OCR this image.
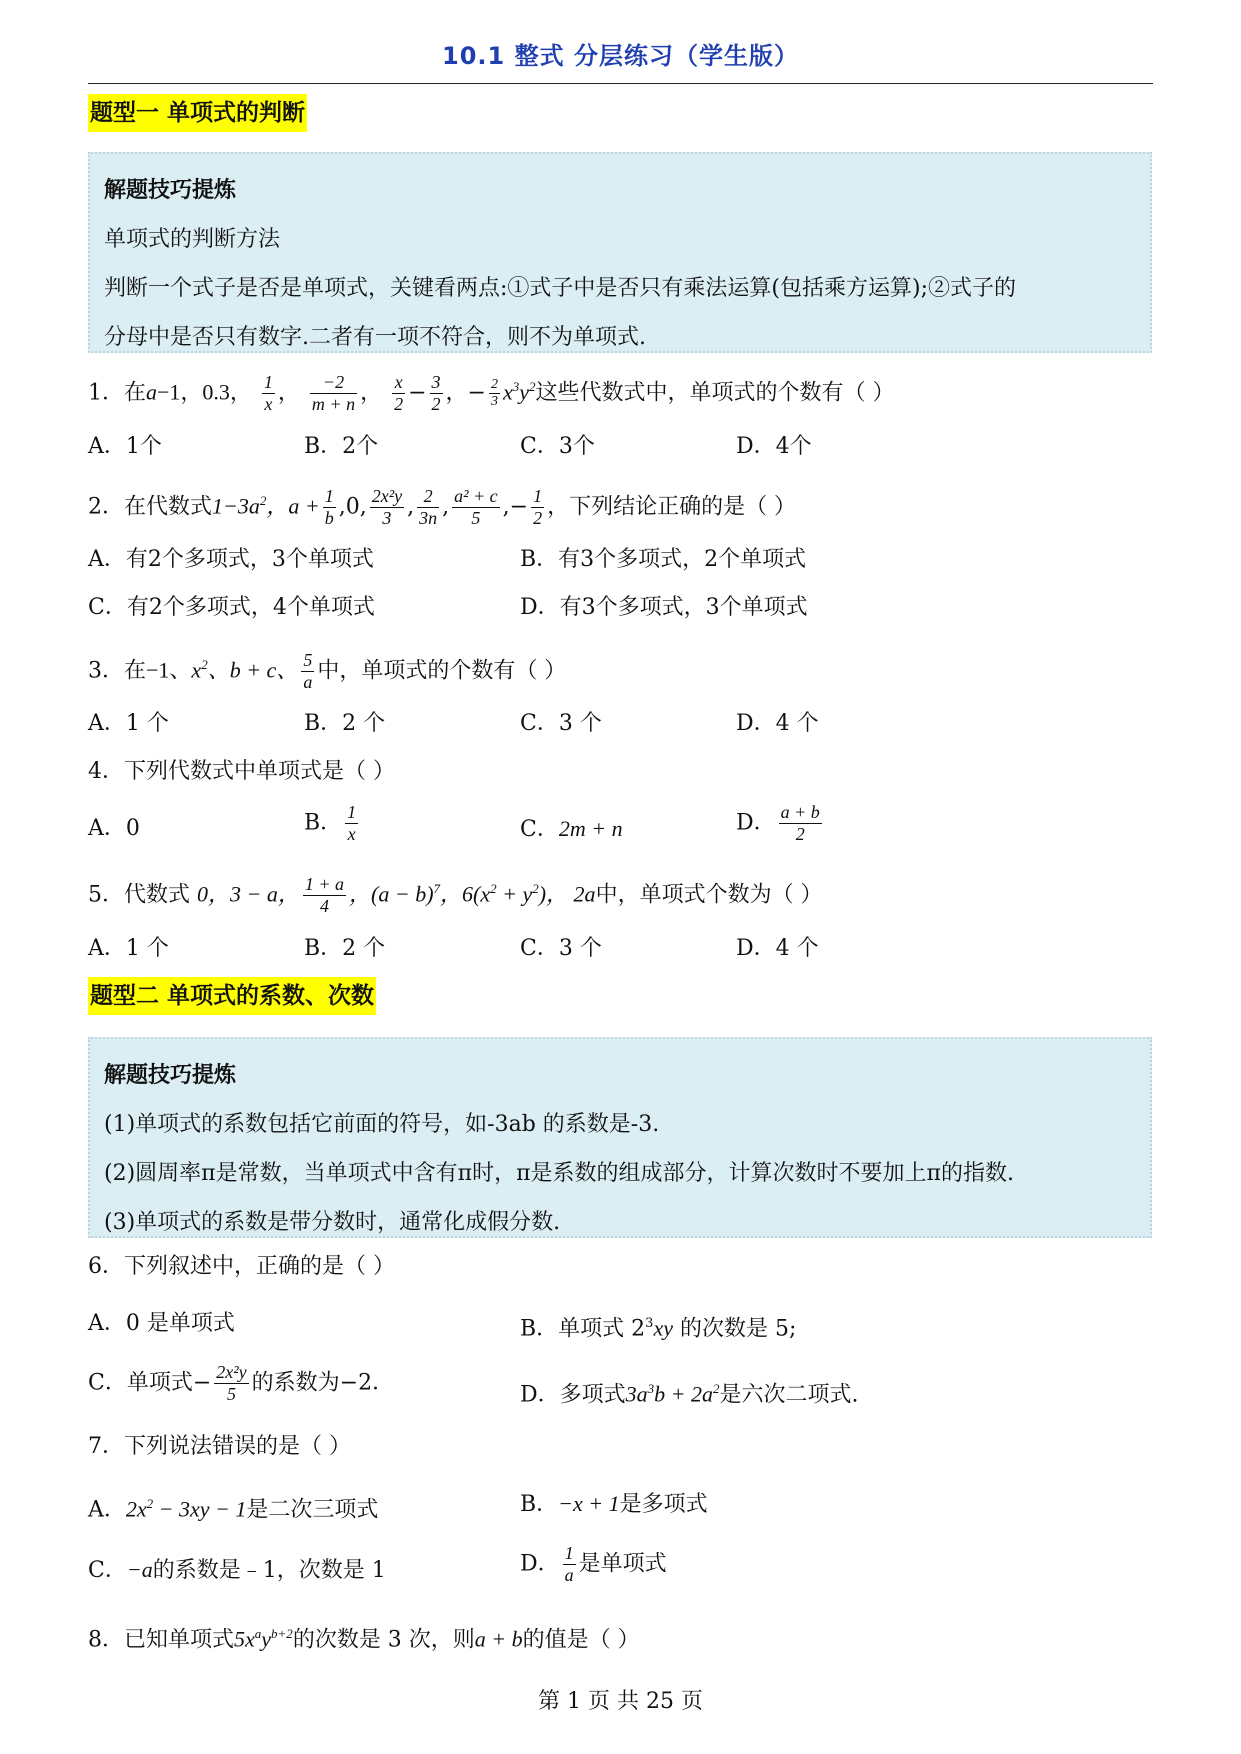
10.1 整式 分层练习（学生版）
题型一 单项式的判断
解题技巧提炼
单项式的判断方法
判断一个式子是否是单项式，关键看两点:①式子中是否只有乘法运算(包括乘方运算);②式子的
分母中是否只有数字.二者有一项不符合，则不为单项式.
1．在a−1，0.3， $\frac{1}{x}$ ， $\frac{-2}{m + n}$ ， $\frac{x}{2} - \frac{3}{2}$ ，− $\frac{2}{3} x^3y^2$这些代数式中，单项式的个数有（ ）
A．1个	B．2个	C．3个	D．4个
2．在代数式$1-3a^2$，$a + \frac{1}{b} ,0$, $\frac{\text{2x²y}}{3}$ , $\frac{2}{3n}$ , $\frac{\text{a² + c}}{5}$ ,− $\frac{1}{2}$ ，下列结论正确的是（ ）
A．有2个多项式，3个单项式	B．有3个多项式，2个单项式
C．有2个多项式，4个单项式	D．有3个多项式，3个单项式
3．在−1、$x^2$、b + c、 $\frac{5}{a}$ 中，单项式的个数有（ ）
A．1 个	B．2 个	C．3 个	D．4 个
4．下列代数式中单项式是（ ）
A．0	B． $\frac{1}{x}$	C．2m + n	D． $\frac{a + b}{2}$
5．代数式 0，3 − a， $\frac{1 + a}{4}$ ，$(a - b)^7$，$6(x^2 + y^2)$， 2a中，单项式个数为（ ）
A．1 个	B．2 个	C．3 个	D．4 个
题型二 单项式的系数、次数
解题技巧提炼
(1)单项式的系数包括它前面的符号，如-3ab 的系数是-3.
(2)圆周率π是常数，当单项式中含有π时，π是系数的组成部分，计算次数时不要加上π的指数.
(3)单项式的系数是带分数时，通常化成假分数.
6．下列叙述中，正确的是（ ）
A．0 是单项式	B．单项式 $2^3xy$ 的次数是 5;
C．单项式− $\frac{\text{2x²y}}{5}$ 的系数为−2．	D．多项式$3a^3b + 2a^2$是六次二项式.
7．下列说法错误的是（ ）
A．$2x^2 - 3xy - 1$是二次三项式	B．−x + 1是多项式
C．−a的系数是﹣1，次数是 1	D． $\frac{1}{a}$ 是单项式
8．已知单项式$5x^ay^{b+2}$的次数是 3 次，则a + b的值是（ ）
第 1 页 共 25 页
